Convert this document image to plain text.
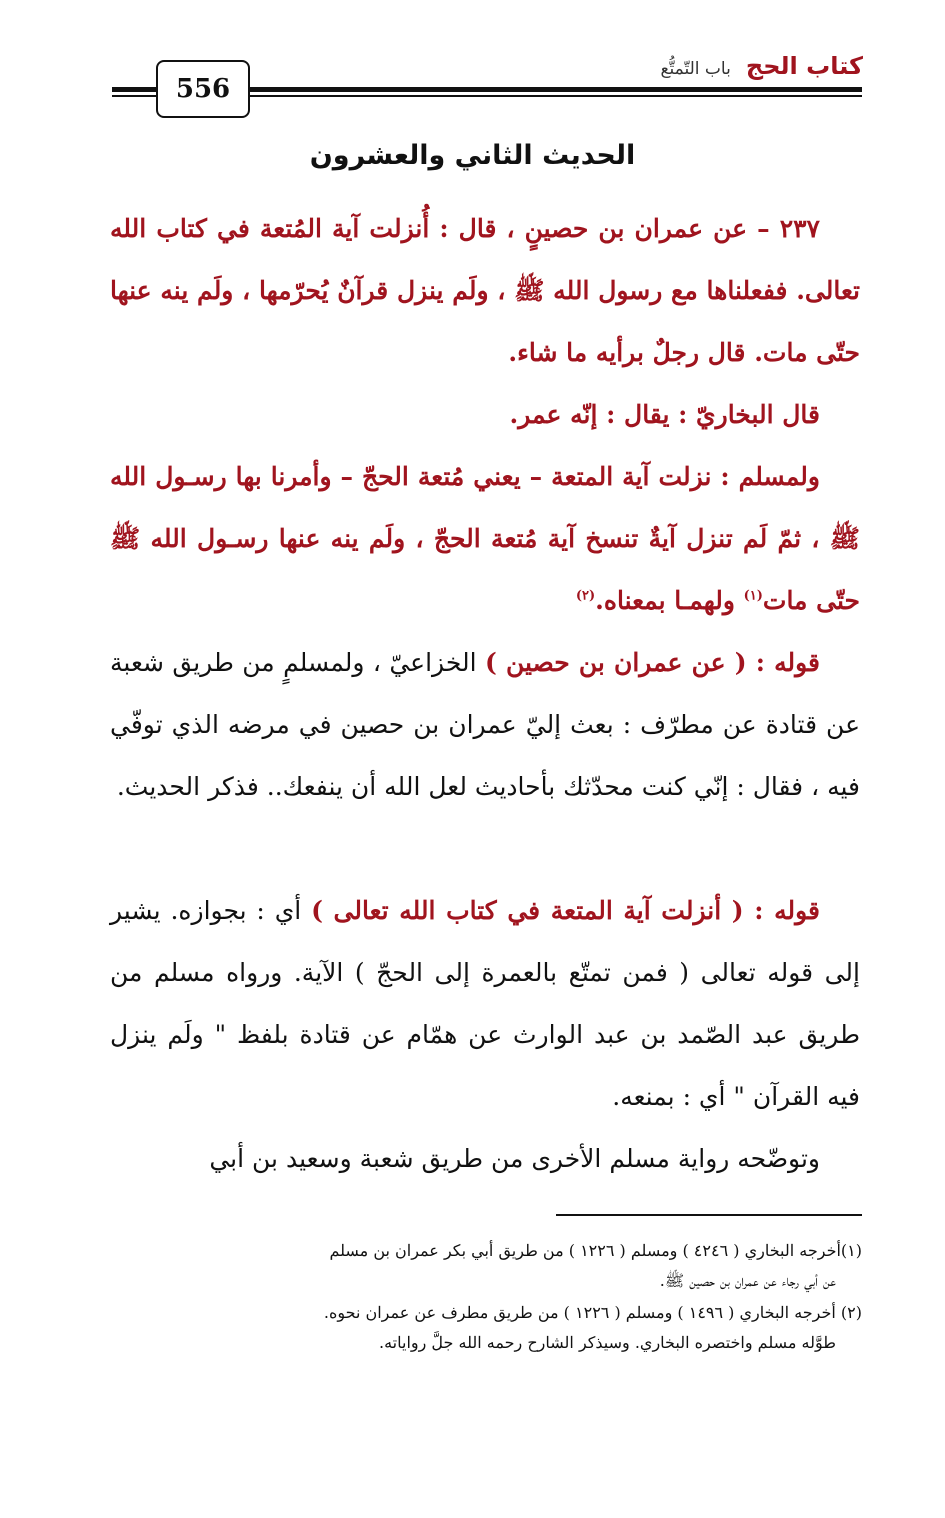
كتاب الحج باب التّمتُّع
556
الحديث الثاني والعشرون

٢٣٧ – عن عمران بن حصينٍ ، قال : أُنزلت آية المُتعة في كتاب الله تعالى. ففعلناها مع رسول الله ﷺ ، ولَم ينزل قرآنٌ يُحرّمها ، ولَم ينه عنها حتّى مات. قال رجلٌ برأيه ما شاء.

قال البخاريّ : يقال : إنّه عمر.

ولمسلم : نزلت آية المتعة – يعني مُتعة الحجّ – وأمرنا بها رسـول الله ﷺ ، ثمّ لَم تنزل آيةٌ تنسخ آية مُتعة الحجّ ، ولَم ينه عنها رسـول الله ﷺ حتّى مات$^{(١)}$ ولهمـا بمعناه.$^{(٢)}$

قوله : ( عن عمران بن حصين ) الخزاعيّ ، ولمسلمٍ من طريق شعبة عن قتادة عن مطرّف : بعث إليّ عمران بن حصين في مرضه الذي توفّي فيه ، فقال : إنّي كنت محدّثك بأحاديث لعل الله أن ينفعك.. فذكر الحديث.

قوله : ( أنزلت آية المتعة في كتاب الله تعالى ) أي : بجوازه. يشير إلى قوله تعالى ( فمن تمتّع بالعمرة إلى الحجّ ) الآية. ورواه مسلم من طريق عبد الصّمد بن عبد الوارث عن همّام عن قتادة بلفظ " ولَم ينزل فيه القرآن " أي : بمنعه.

وتوضّحه رواية مسلم الأخرى من طريق شعبة وسعيد بن أبي

(١)أخرجه البخاري ( ٤٢٤٦ ) ومسلم ( ١٢٢٦ ) من طريق أبي بكر عمران بن مسلم
عن أبي رجاء عن عمران بن حصين ﷺ.

(٢) أخرجه البخاري ( ١٤٩٦ ) ومسلم ( ١٢٢٦ ) من طريق مطرف عن عمران نحوه.
طوَّله مسلم واختصره البخاري. وسيذكر الشارح رحمه الله جلَّ رواياته.
